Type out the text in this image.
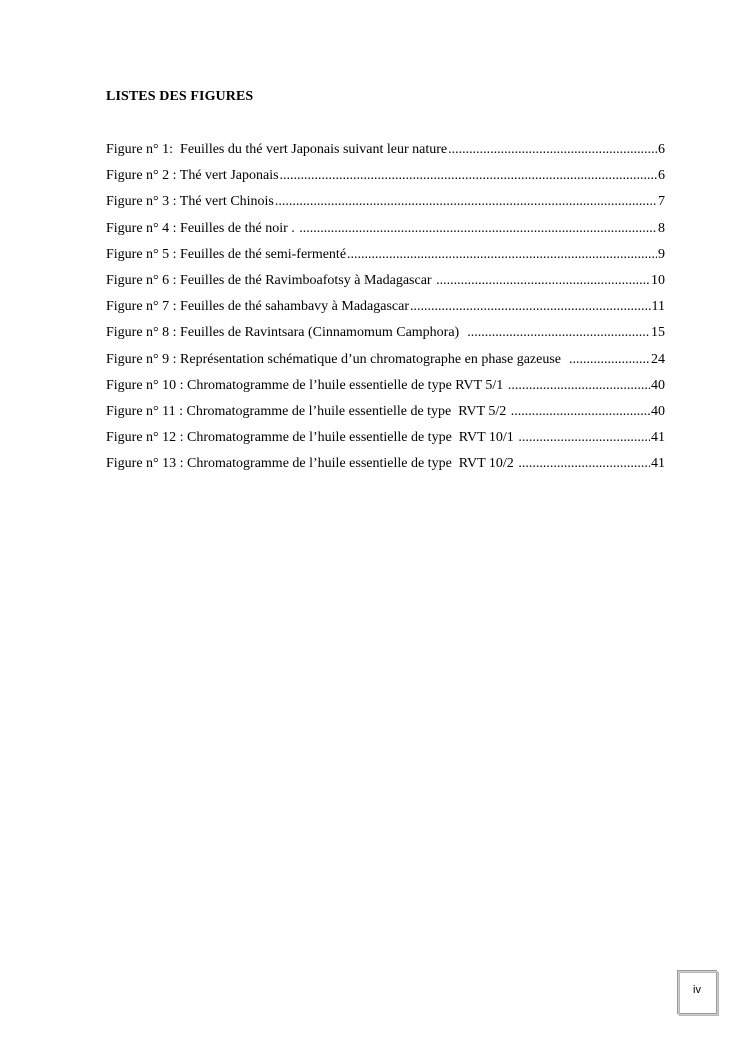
LISTES DES FIGURES
Figure n° 1:  Feuilles du thé vert Japonais suivant leur nature .....	6
Figure n° 2 : Thé vert Japonais .....	6
Figure n° 3 : Thé vert Chinois .....	7
Figure n° 4 : Feuilles de thé noir . .....	8
Figure n° 5 : Feuilles de thé semi-fermenté .....	9
Figure n° 6 : Feuilles de thé Ravimboafotsy à Madagascar .....	10
Figure n° 7 : Feuilles de thé sahambavy à Madagascar .....	11
Figure n° 8 : Feuilles de Ravintsara (Cinnamomum Camphora) .....	15
Figure n° 9 : Représentation schématique d’un chromatographe en phase gazeuse .....	24
Figure n° 10 : Chromatogramme de l’huile essentielle de type RVT 5/1 .....	40
Figure n° 11 : Chromatogramme de l’huile essentielle de type  RVT 5/2 .....	40
Figure n° 12 : Chromatogramme de l’huile essentielle de type  RVT 10/1 .....	41
Figure n° 13 : Chromatogramme de l’huile essentielle de type  RVT 10/2 .....	41
iv
